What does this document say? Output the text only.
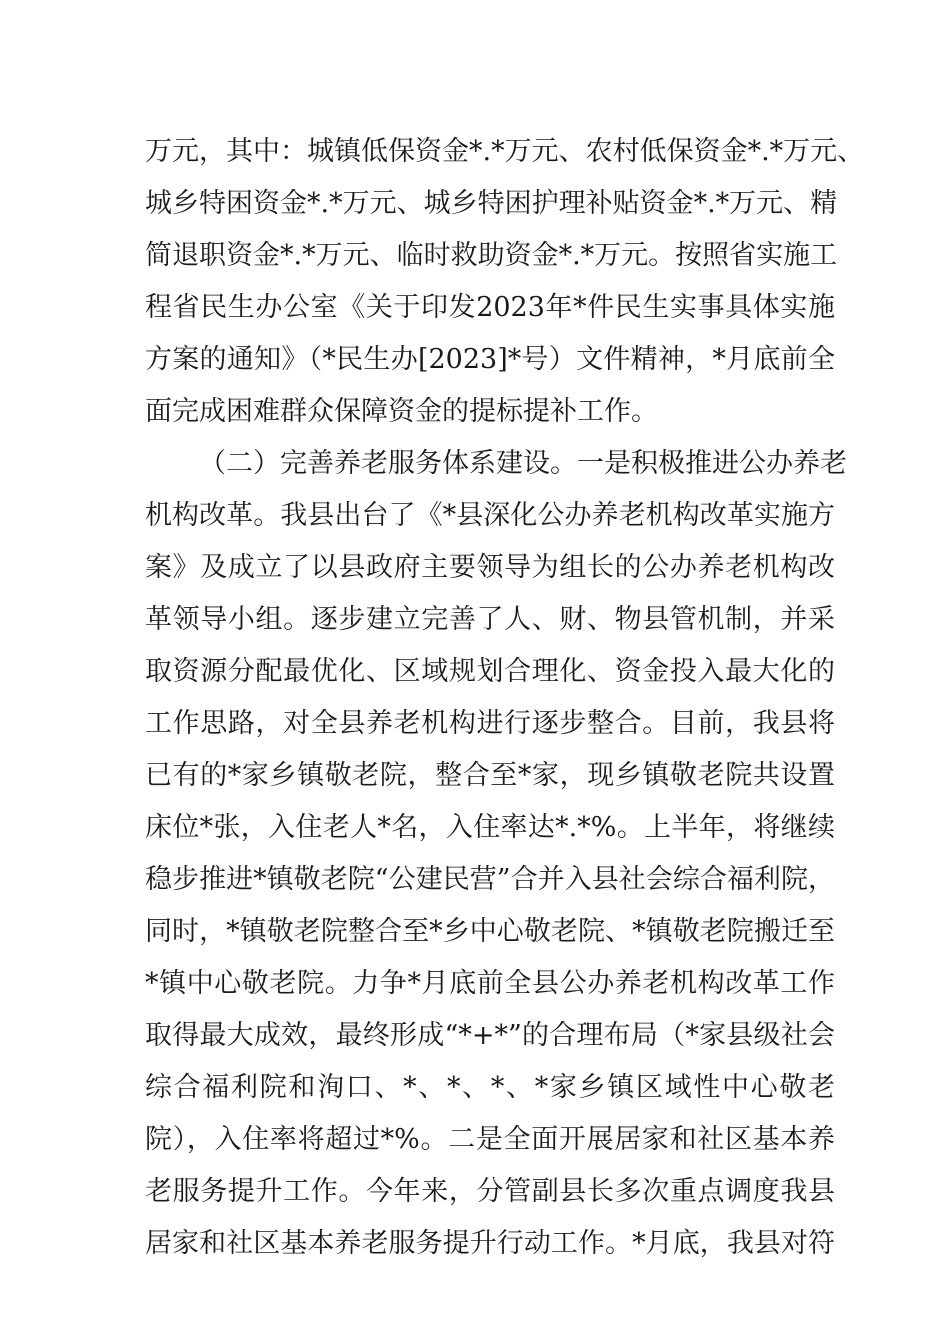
万元，其中：城镇低保资金*.*万元、农村低保资金*.*万元、
城乡特困资金*.*万元、城乡特困护理补贴资金*.*万元、精
简退职资金*.*万元、临时救助资金*.*万元。按照省实施工
程省民生办公室《关于印发2023年*件民生实事具体实施
方案的通知》（*民生办[2023]*号）文件精神，*月底前全
面完成困难群众保障资金的提标提补工作。
（二）完善养老服务体系建设。一是积极推进公办养老
机构改革。我县出台了《*县深化公办养老机构改革实施方
案》及成立了以县政府主要领导为组长的公办养老机构改
革领导小组。逐步建立完善了人、财、物县管机制，并采
取资源分配最优化、区域规划合理化、资金投入最大化的
工作思路，对全县养老机构进行逐步整合。目前，我县将
已有的*家乡镇敬老院，整合至*家，现乡镇敬老院共设置
床位*张，入住老人*名，入住率达*.*%。上半年，将继续
稳步推进*镇敬老院“公建民营”合并入县社会综合福利院，
同时，*镇敬老院整合至*乡中心敬老院、*镇敬老院搬迁至
*镇中心敬老院。力争*月底前全县公办养老机构改革工作
取得最大成效，最终形成“*+*”的合理布局（*家县级社会
综合福利院和洵口、*、*、*、*家乡镇区域性中心敬老
院），入住率将超过*%。二是全面开展居家和社区基本养
老服务提升工作。今年来，分管副县长多次重点调度我县
居家和社区基本养老服务提升行动工作。*月底，我县对符
